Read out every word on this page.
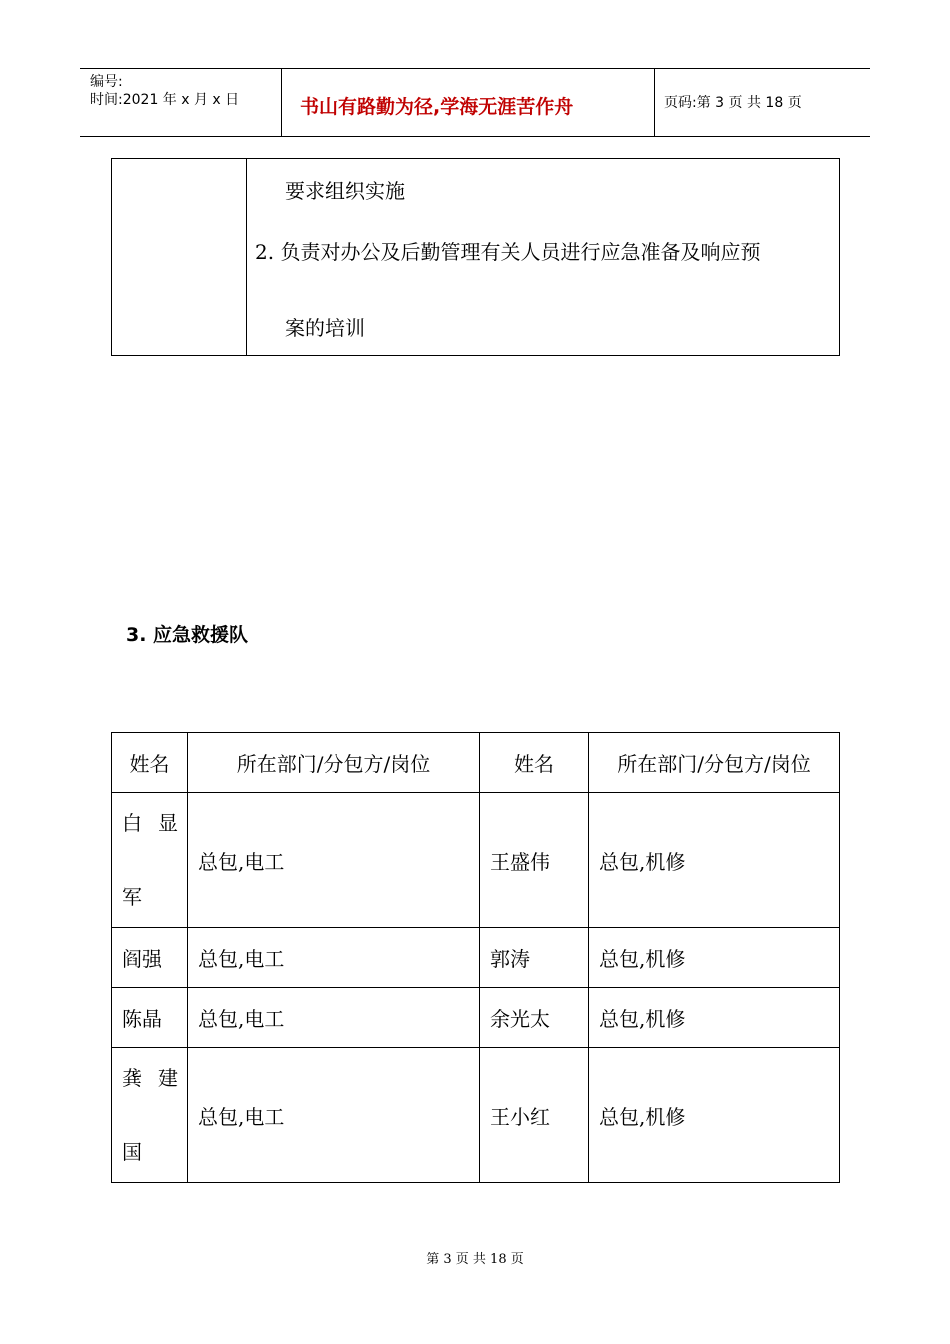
编号:
时间:2021 年 x 月 x 日	书山有路勤为径,学海无涯苦作舟	页码:第 3 页 共 18 页

要求组织实施
2. 负责对办公及后勤管理有关人员进行应急准备及响应预
案的培训
3. 应急救援队
姓名	所在部门/分包方/岗位	姓名	所在部门/分包方/岗位

白显
军	总包,电工	王盛伟	总包,机修
阎强	总包,电工	郭涛	总包,机修
陈晶	总包,电工	余光太	总包,机修

龚建
国	总包,电工	王小红	总包,机修
第 3 页 共 18 页
